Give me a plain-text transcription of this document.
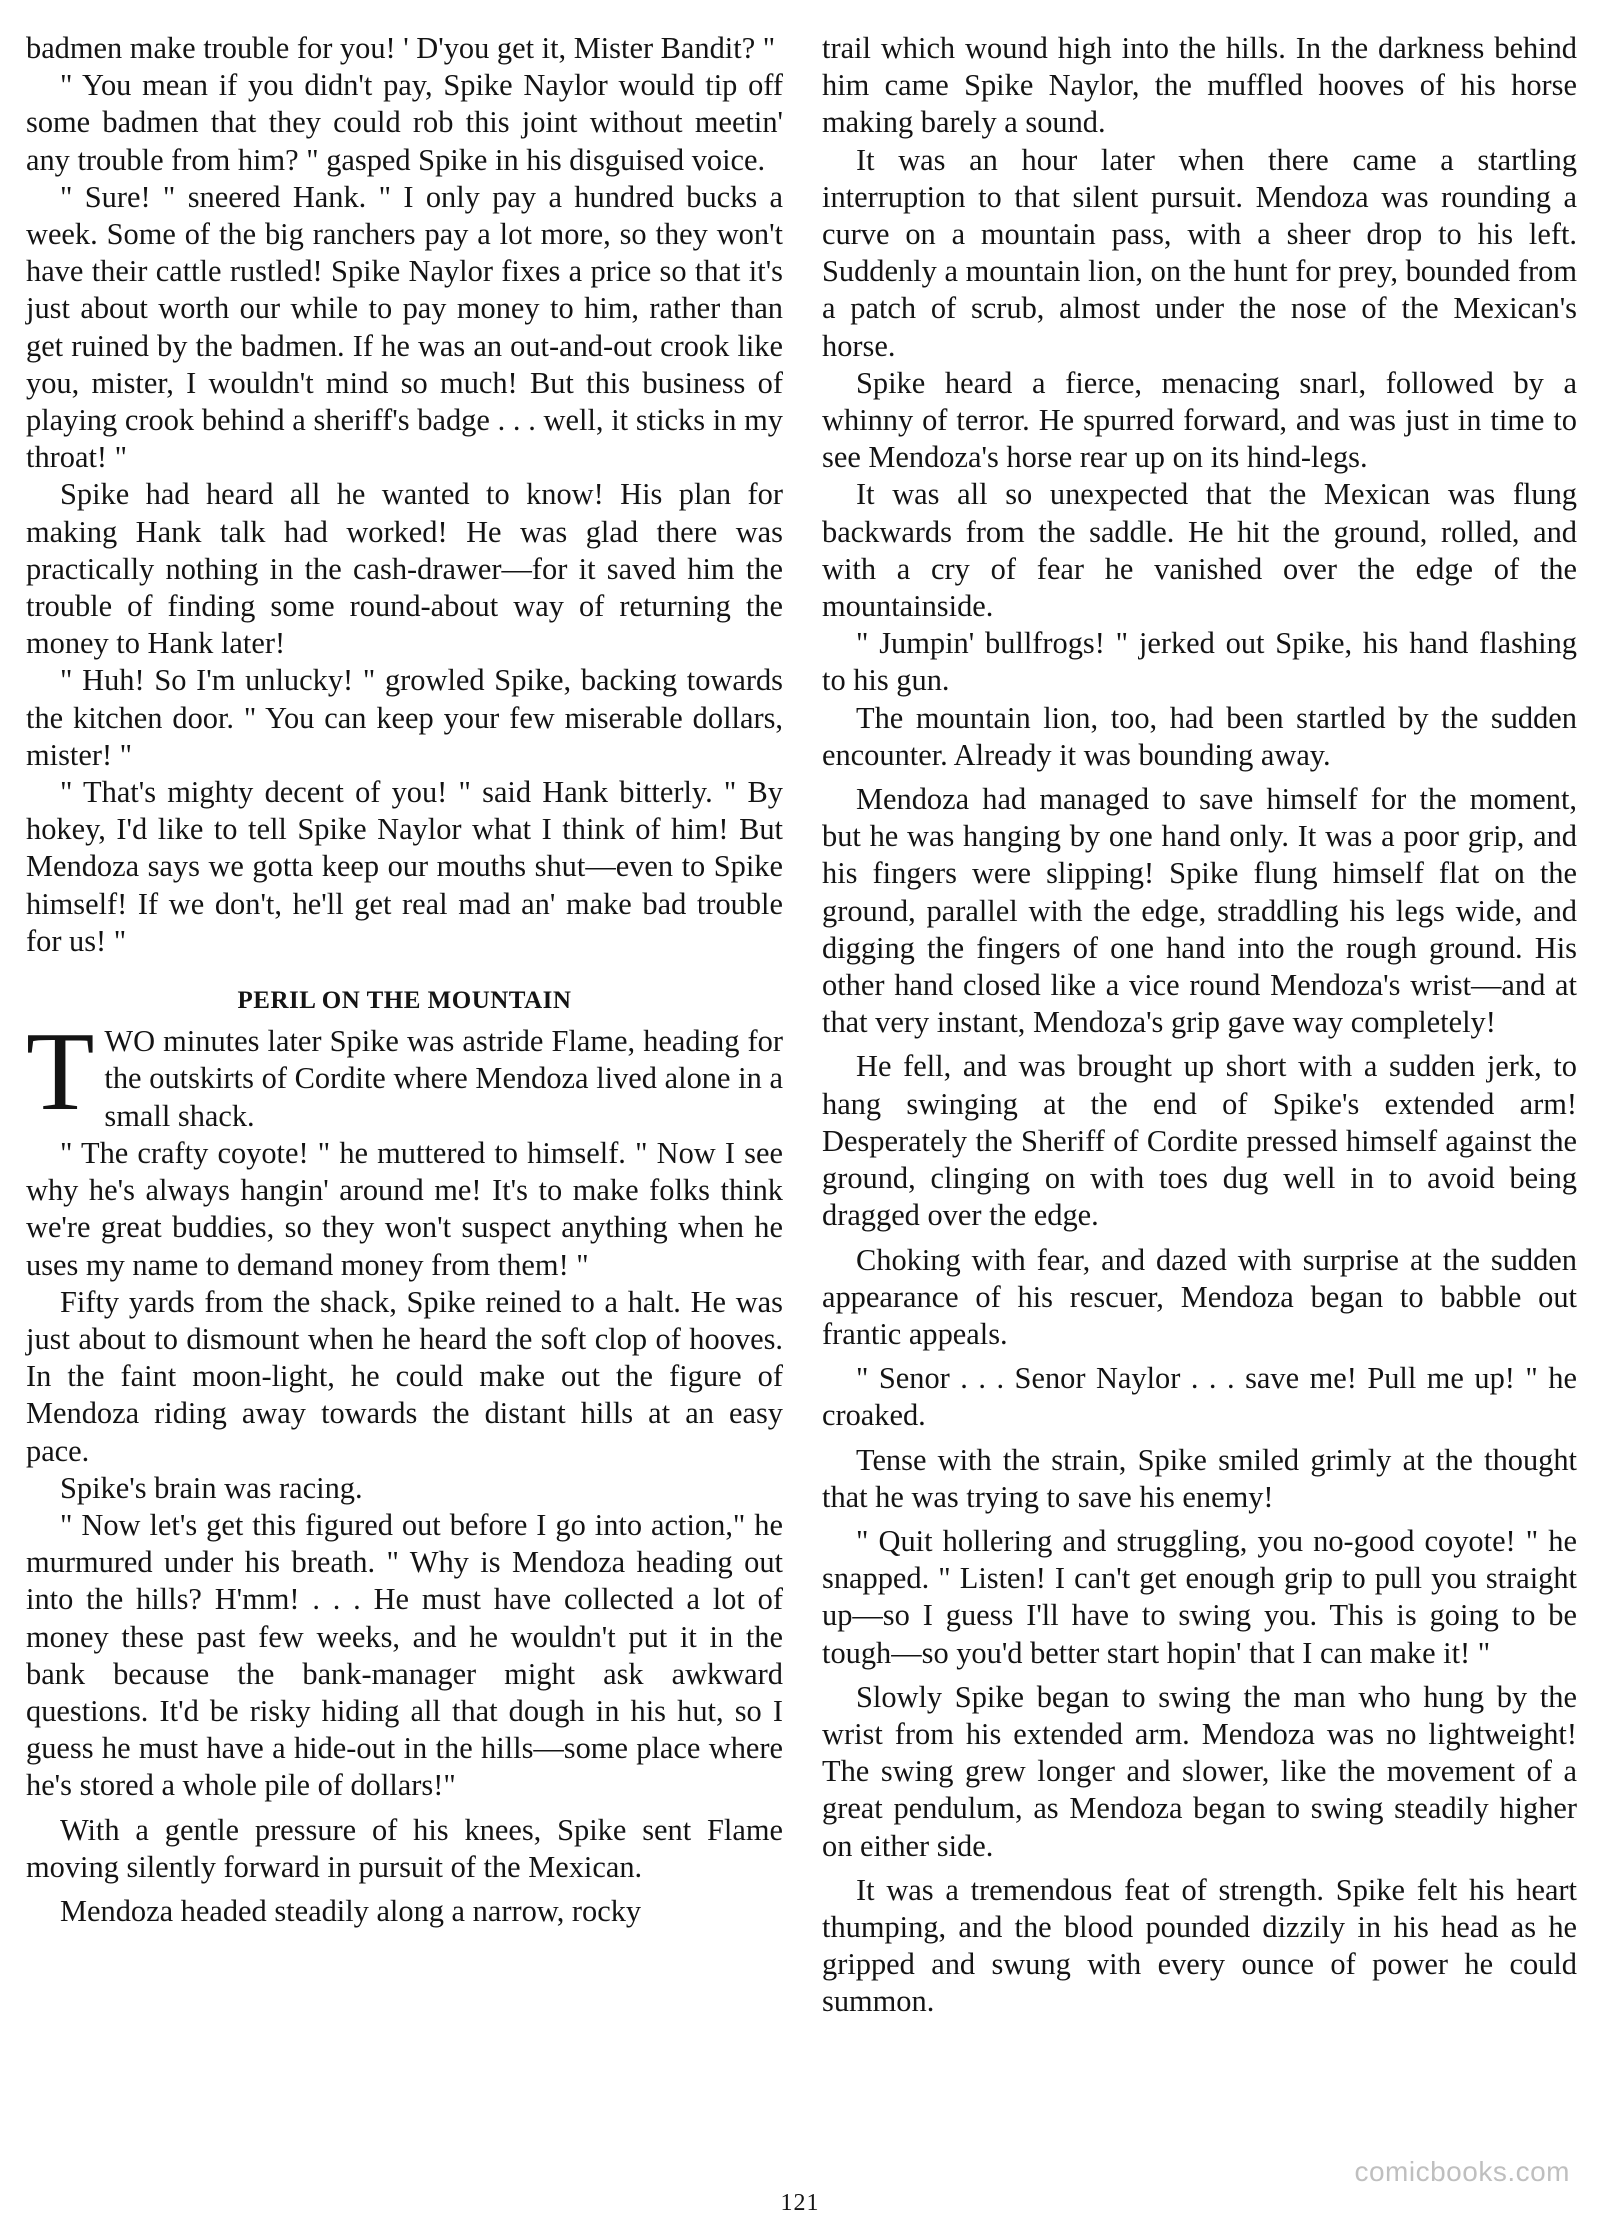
badmen make trouble for you! ' D'you get it, Mister Bandit? "

" You mean if you didn't pay, Spike Naylor would tip off some badmen that they could rob this joint without meetin' any trouble from him? " gasped Spike in his disguised voice.

" Sure! " sneered Hank. " I only pay a hundred bucks a week. Some of the big ranchers pay a lot more, so they won't have their cattle rustled! Spike Naylor fixes a price so that it's just about worth our while to pay money to him, rather than get ruined by the badmen. If he was an out-and-out crook like you, mister, I wouldn't mind so much! But this business of playing crook behind a sheriff's badge . . . well, it sticks in my throat! "

Spike had heard all he wanted to know! His plan for making Hank talk had worked! He was glad there was practically nothing in the cash-drawer—for it saved him the trouble of finding some round-about way of returning the money to Hank later!

" Huh! So I'm unlucky! " growled Spike, backing towards the kitchen door. " You can keep your few miserable dollars, mister! "

" That's mighty decent of you! " said Hank bitterly. " By hokey, I'd like to tell Spike Naylor what I think of him! But Mendoza says we gotta keep our mouths shut—even to Spike himself! If we don't, he'll get real mad an' make bad trouble for us! "

PERIL ON THE MOUNTAIN

TWO minutes later Spike was astride Flame, heading for the outskirts of Cordite where Mendoza lived alone in a small shack.

" The crafty coyote! " he muttered to himself. " Now I see why he's always hangin' around me! It's to make folks think we're great buddies, so they won't suspect anything when he uses my name to demand money from them! "

Fifty yards from the shack, Spike reined to a halt. He was just about to dismount when he heard the soft clop of hooves. In the faint moon-light, he could make out the figure of Mendoza riding away towards the distant hills at an easy pace.

Spike's brain was racing.

" Now let's get this figured out before I go into action," he murmured under his breath. " Why is Mendoza heading out into the hills? H'mm! . . . He must have collected a lot of money these past few weeks, and he wouldn't put it in the bank because the bank-manager might ask awkward questions. It'd be risky hiding all that dough in his hut, so I guess he must have a hide-out in the hills—some place where he's stored a whole pile of dollars!"

With a gentle pressure of his knees, Spike sent Flame moving silently forward in pursuit of the Mexican.

Mendoza headed steadily along a narrow, rocky

trail which wound high into the hills. In the darkness behind him came Spike Naylor, the muffled hooves of his horse making barely a sound.

It was an hour later when there came a startling interruption to that silent pursuit. Mendoza was rounding a curve on a mountain pass, with a sheer drop to his left. Suddenly a mountain lion, on the hunt for prey, bounded from a patch of scrub, almost under the nose of the Mexican's horse.

Spike heard a fierce, menacing snarl, followed by a whinny of terror. He spurred forward, and was just in time to see Mendoza's horse rear up on its hind-legs.

It was all so unexpected that the Mexican was flung backwards from the saddle. He hit the ground, rolled, and with a cry of fear he vanished over the edge of the mountainside.

" Jumpin' bullfrogs! " jerked out Spike, his hand flashing to his gun.

The mountain lion, too, had been startled by the sudden encounter. Already it was bounding away.

Mendoza had managed to save himself for the moment, but he was hanging by one hand only. It was a poor grip, and his fingers were slipping! Spike flung himself flat on the ground, parallel with the edge, straddling his legs wide, and digging the fingers of one hand into the rough ground. His other hand closed like a vice round Mendoza's wrist—and at that very instant, Mendoza's grip gave way completely!

He fell, and was brought up short with a sudden jerk, to hang swinging at the end of Spike's extended arm! Desperately the Sheriff of Cordite pressed himself against the ground, clinging on with toes dug well in to avoid being dragged over the edge.

Choking with fear, and dazed with surprise at the sudden appearance of his rescuer, Mendoza began to babble out frantic appeals.

" Senor . . . Senor Naylor . . . save me! Pull me up! " he croaked.

Tense with the strain, Spike smiled grimly at the thought that he was trying to save his enemy!

" Quit hollering and struggling, you no-good coyote! " he snapped. " Listen! I can't get enough grip to pull you straight up—so I guess I'll have to swing you. This is going to be tough—so you'd better start hopin' that I can make it! "

Slowly Spike began to swing the man who hung by the wrist from his extended arm. Mendoza was no lightweight! The swing grew longer and slower, like the movement of a great pendulum, as Mendoza began to swing steadily higher on either side.

It was a tremendous feat of strength. Spike felt his heart thumping, and the blood pounded dizzily in his head as he gripped and swung with every ounce of power he could summon.

comicbooks.com
121
